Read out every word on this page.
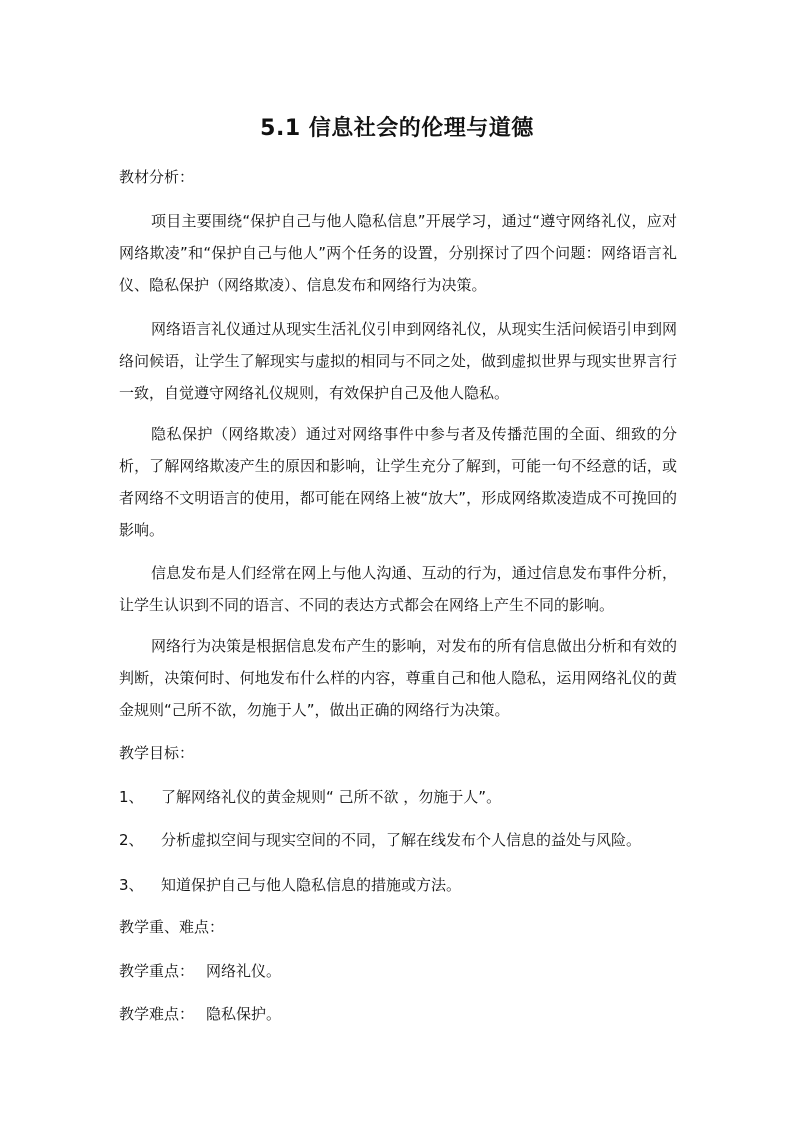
5.1 信息社会的伦理与道德
教材分析：
项目主要围绕“保护自己与他人隐私信息”开展学习，通过“遵守网络礼仪，应对网络欺凌”和“保护自己与他人”两个任务的设置，分别探讨了四个问题：网络语言礼仪、隐私保护（网络欺凌）、信息发布和网络行为决策。
网络语言礼仪通过从现实生活礼仪引申到网络礼仪，从现实生活问候语引申到网络问候语，让学生了解现实与虚拟的相同与不同之处，做到虚拟世界与现实世界言行一致，自觉遵守网络礼仪规则，有效保护自己及他人隐私。
隐私保护（网络欺凌）通过对网络事件中参与者及传播范围的全面、细致的分析，了解网络欺凌产生的原因和影响，让学生充分了解到，可能一句不经意的话，或者网络不文明语言的使用，都可能在网络上被“放大”，形成网络欺凌造成不可挽回的影响。
信息发布是人们经常在网上与他人沟通、互动的行为，通过信息发布事件分析，让学生认识到不同的语言、不同的表达方式都会在网络上产生不同的影响。
网络行为决策是根据信息发布产生的影响，对发布的所有信息做出分析和有效的判断，决策何时、何地发布什么样的内容，尊重自己和他人隐私，运用网络礼仪的黄金规则“己所不欲，勿施于人”，做出正确的网络行为决策。
教学目标：
1、 了解网络礼仪的黄金规则“ 己所不欲 ，勿施于人”。
2、 分析虚拟空间与现实空间的不同，了解在线发布个人信息的益处与风险。
3、 知道保护自己与他人隐私信息的措施或方法。
教学重、难点：
教学重点： 网络礼仪。
教学难点： 隐私保护。
